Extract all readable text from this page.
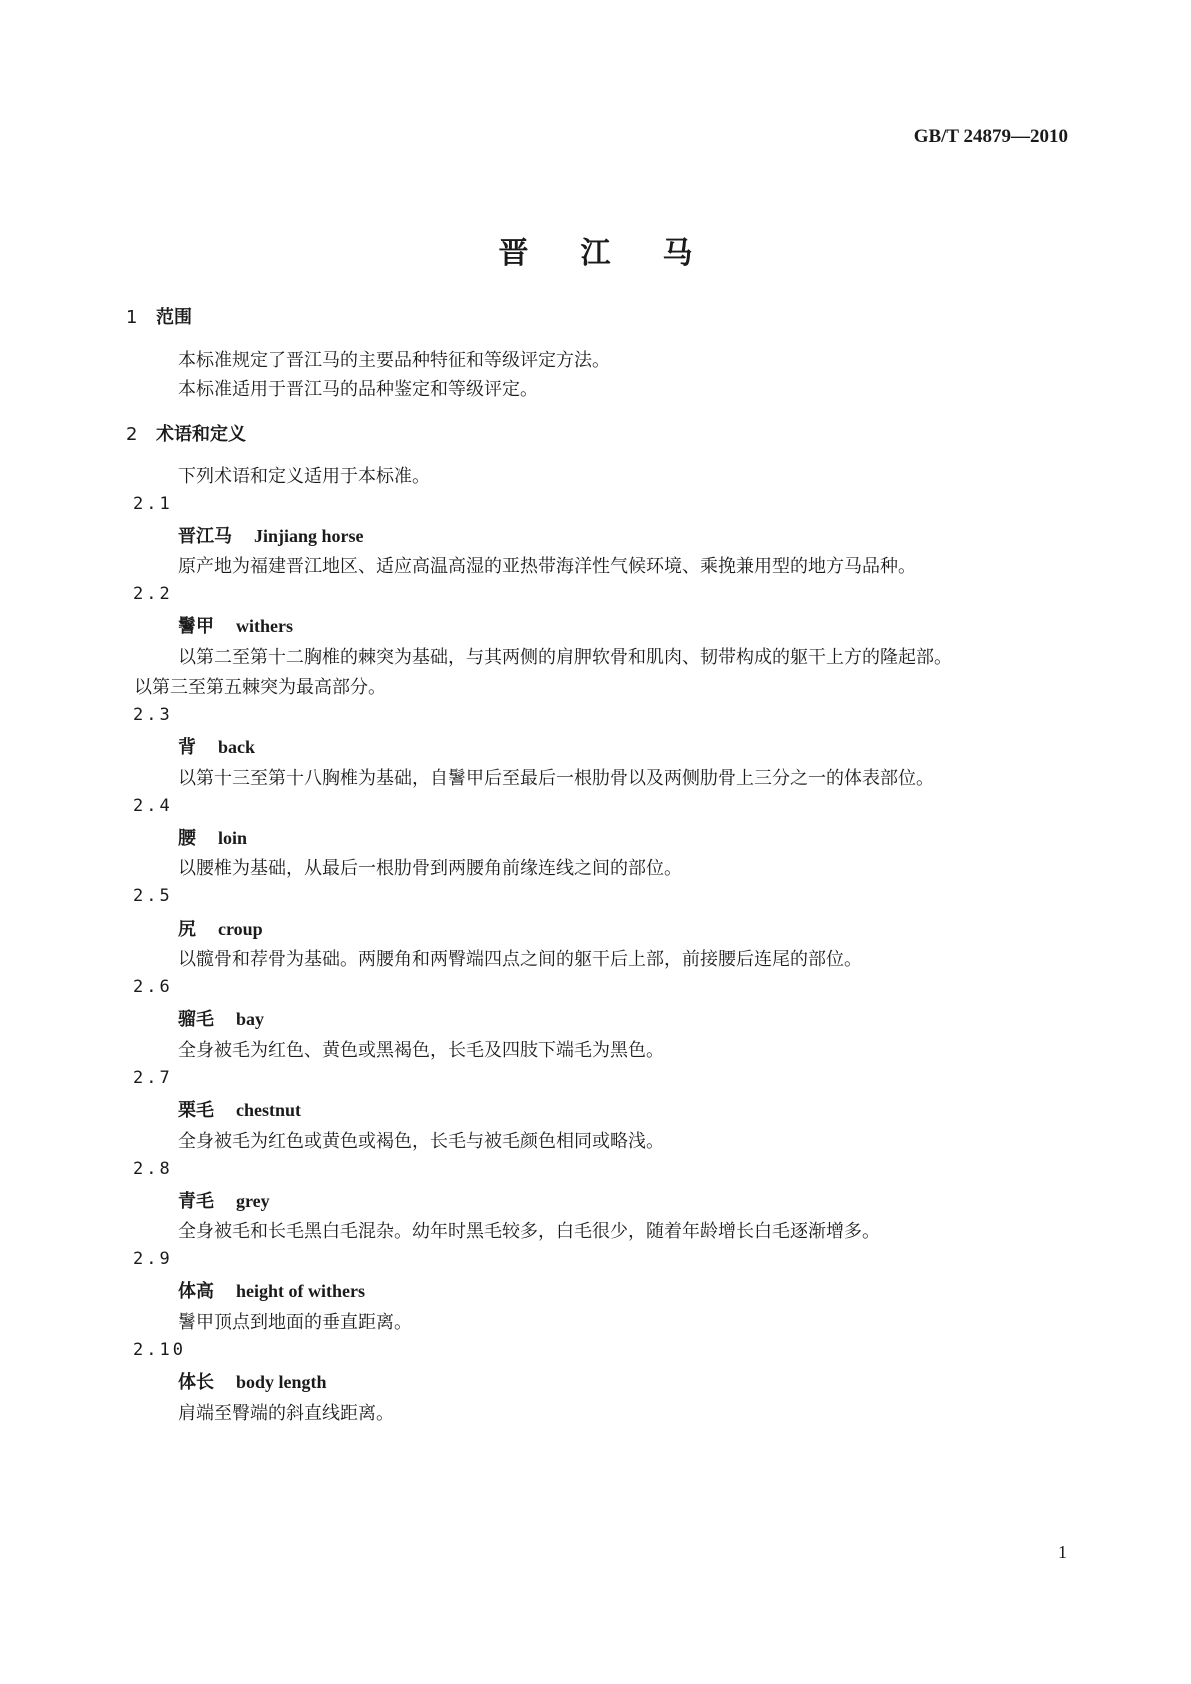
GB/T 24879—2010
晋江马
1 范围
本标准规定了晋江马的主要品种特征和等级评定方法。
本标准适用于晋江马的品种鉴定和等级评定。
2 术语和定义
下列术语和定义适用于本标准。
2.1
晋江马 Jinjiang horse
原产地为福建晋江地区、适应高温高湿的亚热带海洋性气候环境、乘挽兼用型的地方马品种。
2.2
鬐甲 withers
以第二至第十二胸椎的棘突为基础，与其两侧的肩胛软骨和肌肉、韧带构成的躯干上方的隆起部。
以第三至第五棘突为最高部分。
2.3
背 back
以第十三至第十八胸椎为基础，自鬐甲后至最后一根肋骨以及两侧肋骨上三分之一的体表部位。
2.4
腰 loin
以腰椎为基础，从最后一根肋骨到两腰角前缘连线之间的部位。
2.5
尻 croup
以髋骨和荐骨为基础。两腰角和两臀端四点之间的躯干后上部，前接腰后连尾的部位。
2.6
骝毛 bay
全身被毛为红色、黄色或黑褐色，长毛及四肢下端毛为黑色。
2.7
栗毛 chestnut
全身被毛为红色或黄色或褐色，长毛与被毛颜色相同或略浅。
2.8
青毛 grey
全身被毛和长毛黑白毛混杂。幼年时黑毛较多，白毛很少，随着年龄增长白毛逐渐增多。
2.9
体高 height of withers
鬐甲顶点到地面的垂直距离。
2.10
体长 body length
肩端至臀端的斜直线距离。
1
